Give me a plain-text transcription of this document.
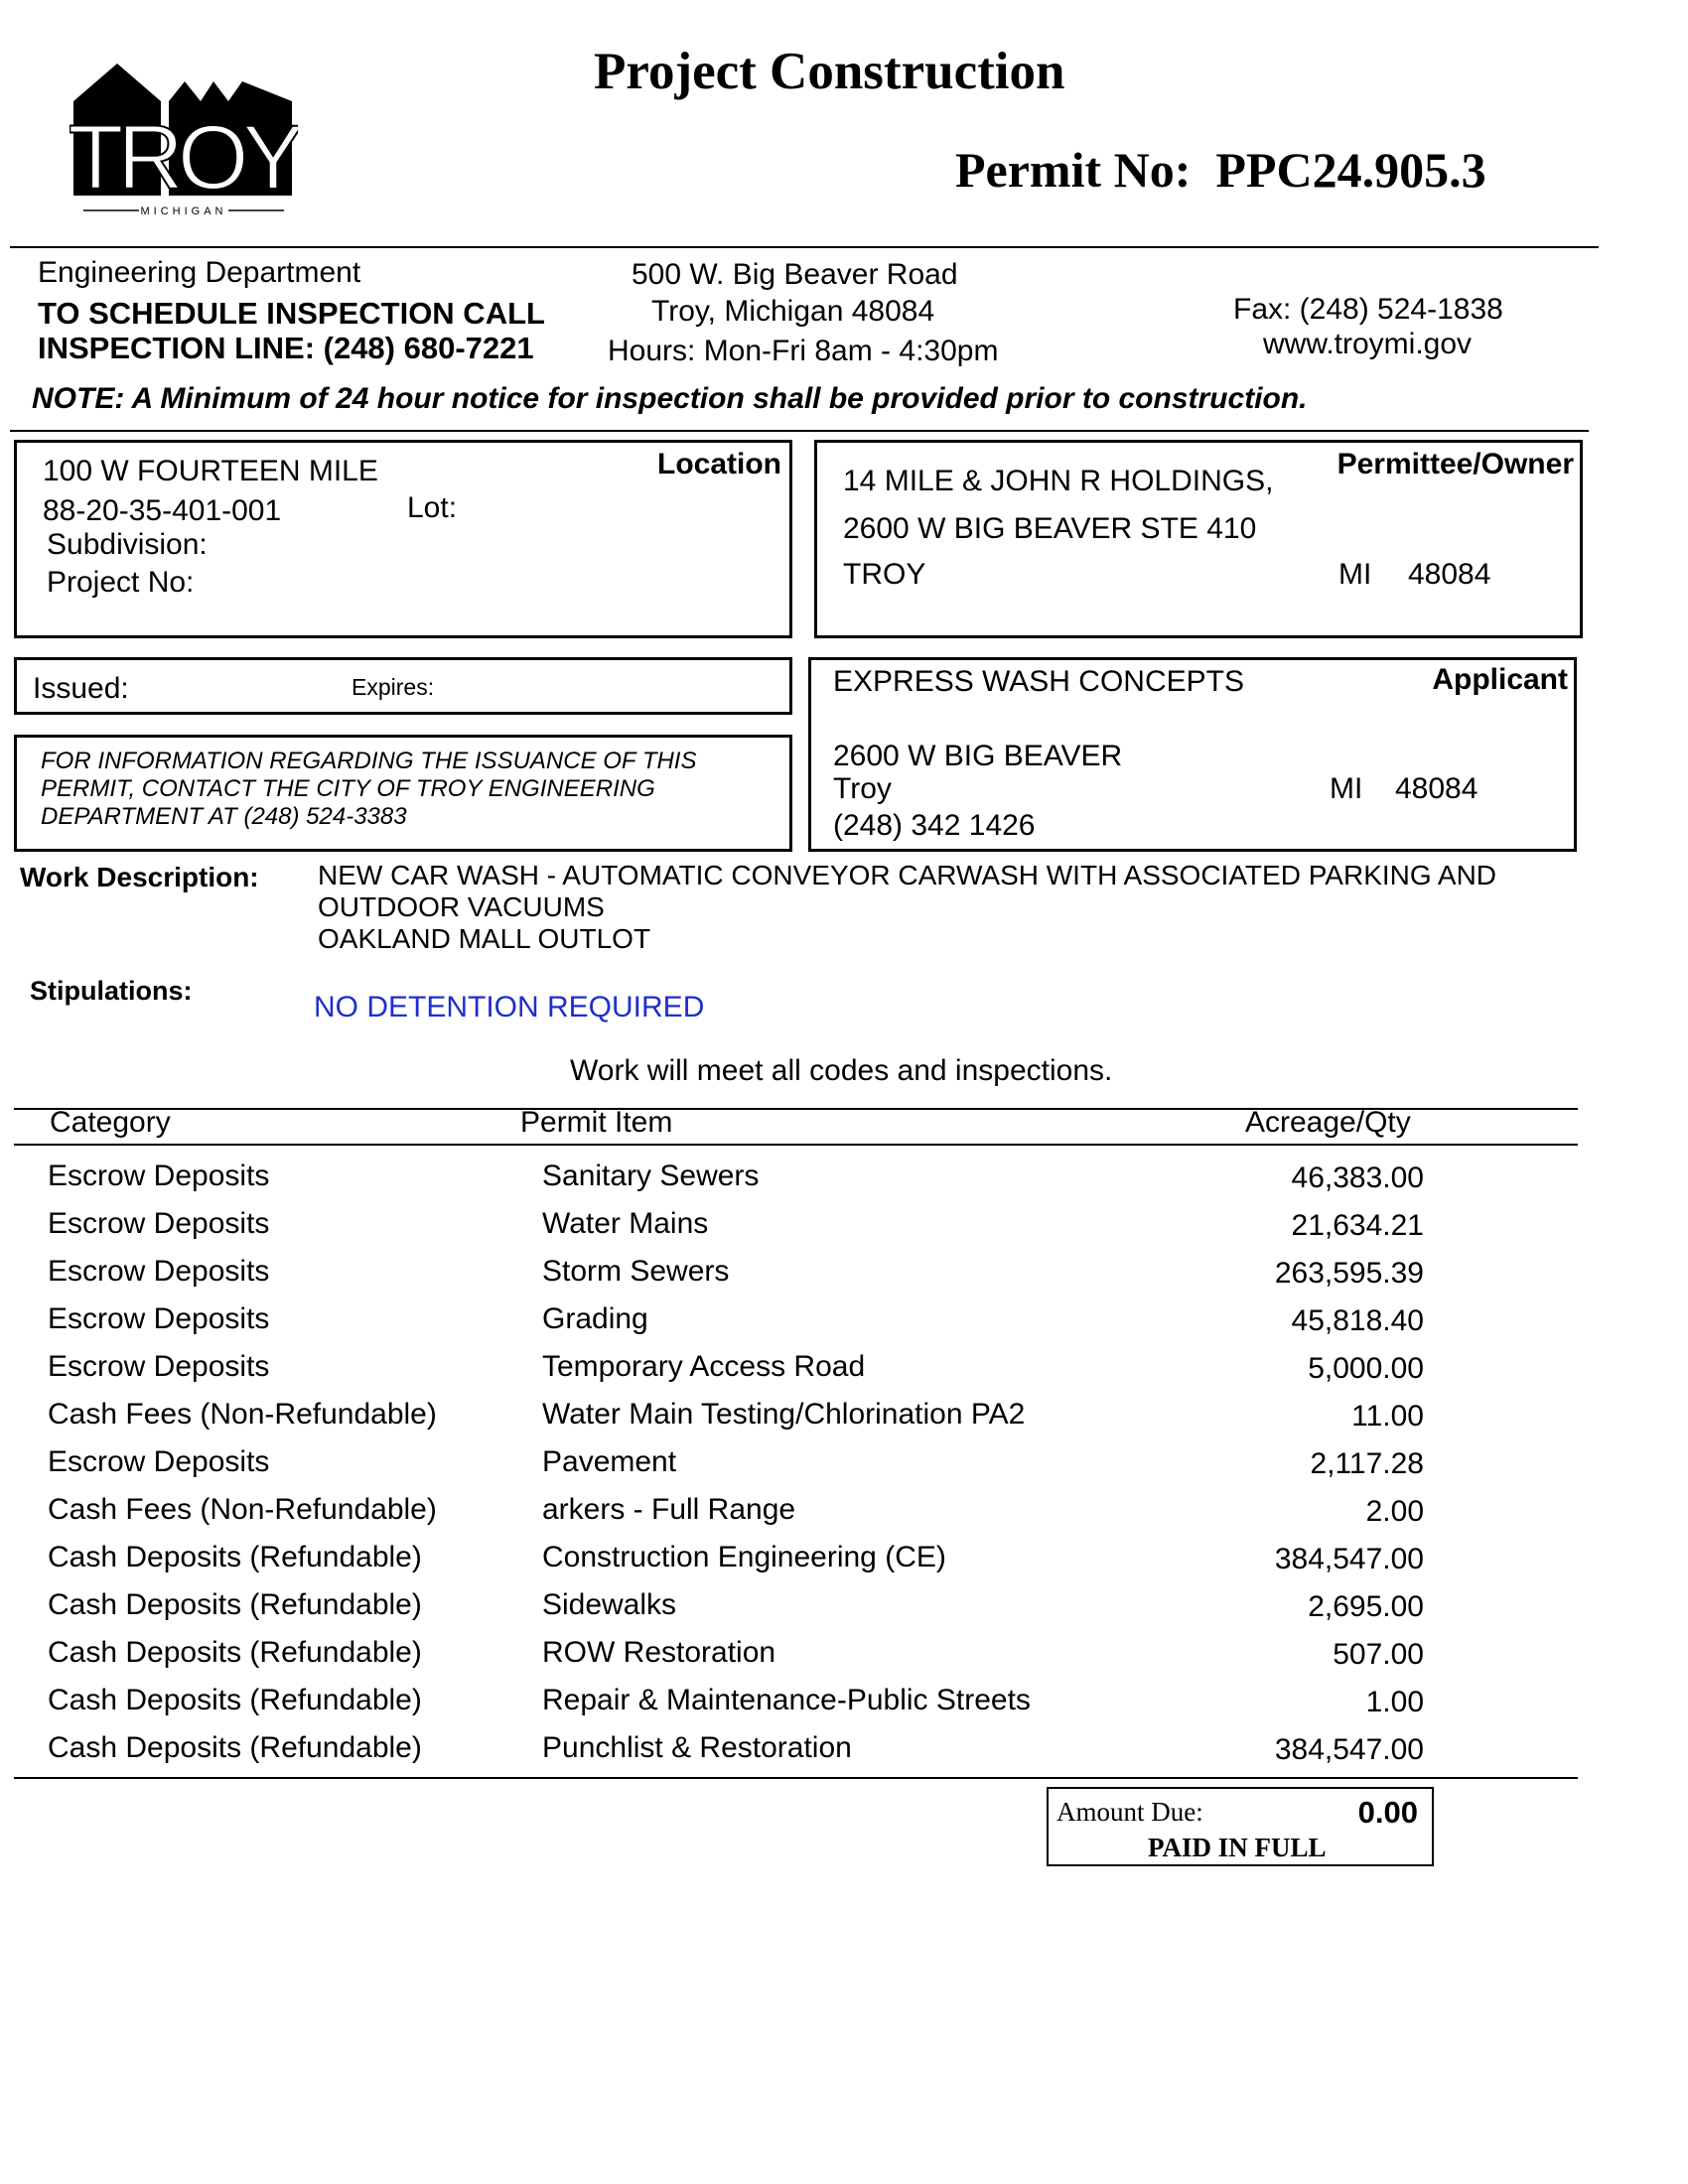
TROY
MICHIGAN
Project Construction
Permit No: PPC24.905.3
Engineering Department
TO SCHEDULE INSPECTION CALL
INSPECTION LINE: (248) 680-7221
500 W. Big Beaver Road
Troy, Michigan 48084
Hours: Mon-Fri 8am - 4:30pm
Fax: (248) 524-1838
www.troymi.gov
NOTE: A Minimum of 24 hour notice for inspection shall be provided prior to construction.
Location
100 W FOURTEEN MILE
88-20-35-401-001	Lot:
Subdivision:
Project No:
Permittee/Owner
14 MILE & JOHN R HOLDINGS,
2600 W BIG BEAVER STE 410
TROY	MI 48084
Issued:	Expires:
FOR INFORMATION REGARDING THE ISSUANCE OF THIS
PERMIT, CONTACT THE CITY OF TROY ENGINEERING
DEPARTMENT AT (248) 524-3383
Applicant
EXPRESS WASH CONCEPTS
2600 W BIG BEAVER
Troy	MI 48084
(248) 342 1426
Work Description: NEW CAR WASH - AUTOMATIC CONVEYOR CARWASH WITH ASSOCIATED PARKING AND
OUTDOOR VACUUMS
OAKLAND MALL OUTLOT
Stipulations:	NO DETENTION REQUIRED
Work will meet all codes and inspections.
Category	Permit Item	Acreage/Qty
Escrow Deposits	Sanitary Sewers	46,383.00
Escrow Deposits	Water Mains	21,634.21
Escrow Deposits	Storm Sewers	263,595.39
Escrow Deposits	Grading	45,818.40
Escrow Deposits	Temporary Access Road	5,000.00
Cash Fees (Non-Refundable)	Water Main Testing/Chlorination PA2	11.00
Escrow Deposits	Pavement	2,117.28
Cash Fees (Non-Refundable)	arkers - Full Range	2.00
Cash Deposits (Refundable)	Construction Engineering (CE)	384,547.00
Cash Deposits (Refundable)	Sidewalks	2,695.00
Cash Deposits (Refundable)	ROW Restoration	507.00
Cash Deposits (Refundable)	Repair & Maintenance-Public Streets	1.00
Cash Deposits (Refundable)	Punchlist & Restoration	384,547.00
Amount Due:	0.00
PAID IN FULL
